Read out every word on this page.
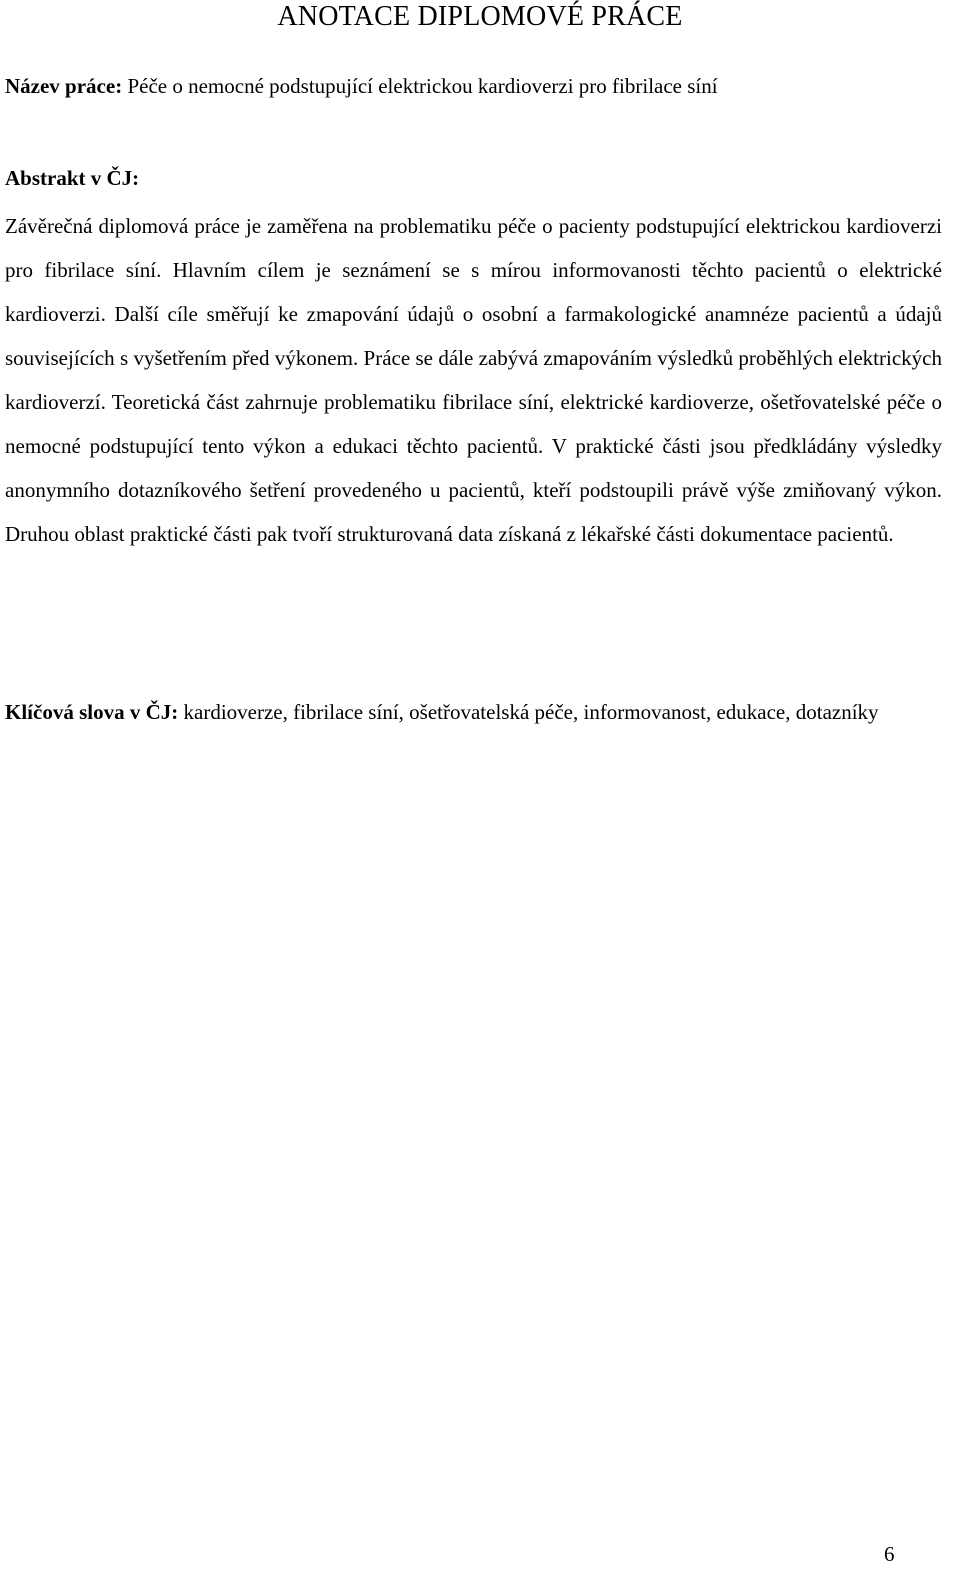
ANOTACE DIPLOMOVÉ PRÁCE

Název práce: Péče o nemocné podstupující elektrickou kardioverzi pro fibrilace síní

Abstrakt v ČJ:

Závěrečná diplomová práce je zaměřena na problematiku péče o pacienty podstupující elektrickou kardioverzi pro fibrilace síní. Hlavním cílem je seznámení se s mírou informovanosti těchto pacientů o elektrické kardioverzi. Další cíle směřují ke zmapování údajů o osobní a farmakologické anamnéze pacientů a údajů souvisejících s vyšetřením před výkonem. Práce se dále zabývá zmapováním výsledků proběhlých elektrických kardioverzí. Teoretická část zahrnuje problematiku fibrilace síní, elektrické kardioverze, ošetřovatelské péče o nemocné podstupující tento výkon a edukaci těchto pacientů. V praktické části jsou předkládány výsledky anonymního dotazníkového šetření provedeného u pacientů, kteří podstoupili právě výše zmiňovaný výkon. Druhou oblast praktické části pak tvoří strukturovaná data získaná z lékařské části dokumentace pacientů.

Klíčová slova v ČJ: kardioverze, fibrilace síní, ošetřovatelská péče, informovanost, edukace, dotazníky

6
